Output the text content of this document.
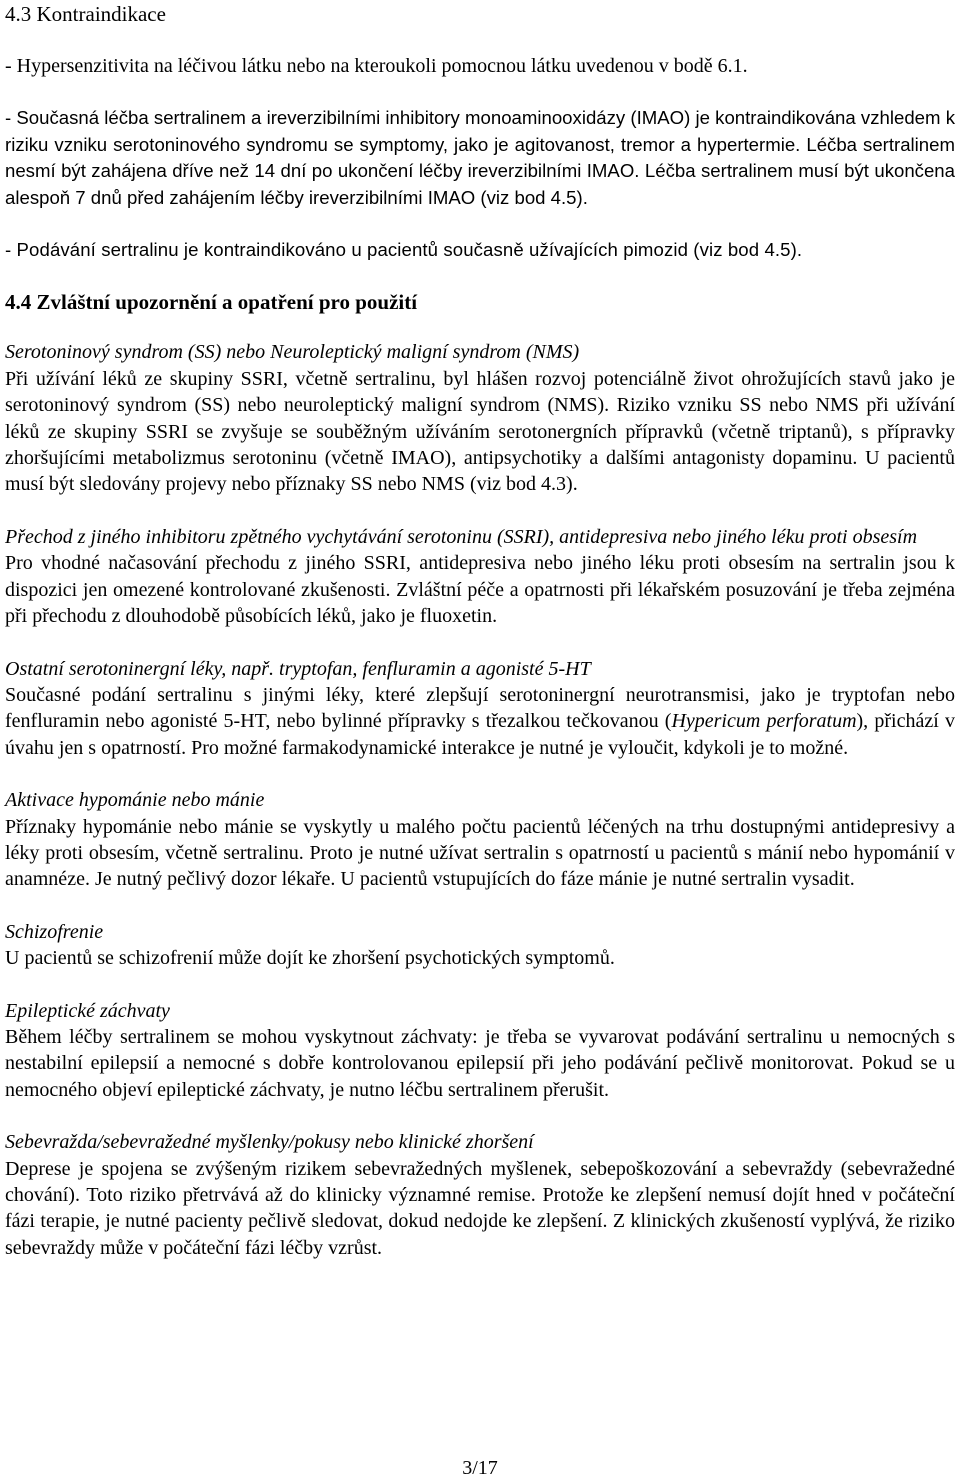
4.3 Kontraindikace

- Hypersenzitivita na léčivou látku nebo na kteroukoli pomocnou látku uvedenou v bodě 6.1.

- Současná léčba sertralinem a ireverzibilními inhibitory monoaminooxidázy (IMAO) je kontraindikována vzhledem k riziku vzniku serotoninového syndromu se symptomy, jako je agitovanost, tremor a hypertermie. Léčba sertralinem nesmí být zahájena dříve než 14 dní po ukončení léčby ireverzibilními IMAO. Léčba sertralinem musí být ukončena alespoň 7 dnů před zahájením léčby ireverzibilními IMAO (viz bod 4.5).

- Podávání sertralinu je kontraindikováno u pacientů současně užívajících pimozid (viz bod 4.5).

4.4 Zvláštní upozornění a opatření pro použití

Serotoninový syndrom (SS) nebo Neuroleptický maligní syndrom (NMS)

Při užívání léků ze skupiny SSRI, včetně sertralinu, byl hlášen rozvoj potenciálně život ohrožujících stavů jako je serotoninový syndrom (SS) nebo neuroleptický maligní syndrom (NMS). Riziko vzniku SS nebo NMS při užívání léků ze skupiny SSRI se zvyšuje se souběžným užíváním serotonergních přípravků (včetně triptanů), s přípravky zhoršujícími metabolizmus serotoninu (včetně IMAO), antipsychotiky a dalšími antagonisty dopaminu. U pacientů musí být sledovány projevy nebo příznaky SS nebo NMS (viz bod 4.3).

Přechod z jiného inhibitoru zpětného vychytávání serotoninu (SSRI), antidepresiva nebo jiného léku proti obsesím

Pro vhodné načasování přechodu z jiného SSRI, antidepresiva nebo jiného léku proti obsesím na sertralin jsou k dispozici jen omezené kontrolované zkušenosti. Zvláštní péče a opatrnosti při lékařském posuzování je třeba zejména při přechodu z dlouhodobě působících léků, jako je fluoxetin.

Ostatní serotoninergní léky, např. tryptofan, fenfluramin a agonisté 5-HT

Současné podání sertralinu s jinými léky, které zlepšují serotoninergní neurotransmisi, jako je tryptofan nebo fenfluramin nebo agonisté 5-HT, nebo bylinné přípravky s třezalkou tečkovanou (Hypericum perforatum), přichází v úvahu jen s opatrností. Pro možné farmakodynamické interakce je nutné je vyloučit, kdykoli je to možné.

Aktivace hypománie nebo mánie

Příznaky hypománie nebo mánie se vyskytly u malého počtu pacientů léčených na trhu dostupnými antidepresivy a léky proti obsesím, včetně sertralinu. Proto je nutné užívat sertralin s opatrností u pacientů s mánií nebo hypománií v anamnéze. Je nutný pečlivý dozor lékaře. U pacientů vstupujících do fáze mánie je nutné sertralin vysadit.

Schizofrenie

U pacientů se schizofrenií může dojít ke zhoršení psychotických symptomů.

Epileptické záchvaty

Během léčby sertralinem se mohou vyskytnout záchvaty: je třeba se vyvarovat podávání sertralinu u nemocných s nestabilní epilepsií a nemocné s dobře kontrolovanou epilepsií při jeho podávání pečlivě monitorovat. Pokud se u nemocného objeví epileptické záchvaty, je nutno léčbu sertralinem přerušit.

Sebevražda/sebevražedné myšlenky/pokusy nebo klinické zhoršení

Deprese je spojena se zvýšeným rizikem sebevražedných myšlenek, sebepoškozování a sebevraždy (sebevražedné chování). Toto riziko přetrvává až do klinicky významné remise. Protože ke zlepšení nemusí dojít hned v počáteční fázi terapie, je nutné pacienty pečlivě sledovat, dokud nedojde ke zlepšení. Z klinických zkušeností vyplývá, že riziko sebevraždy může v počáteční fázi léčby vzrůst.

3/17
